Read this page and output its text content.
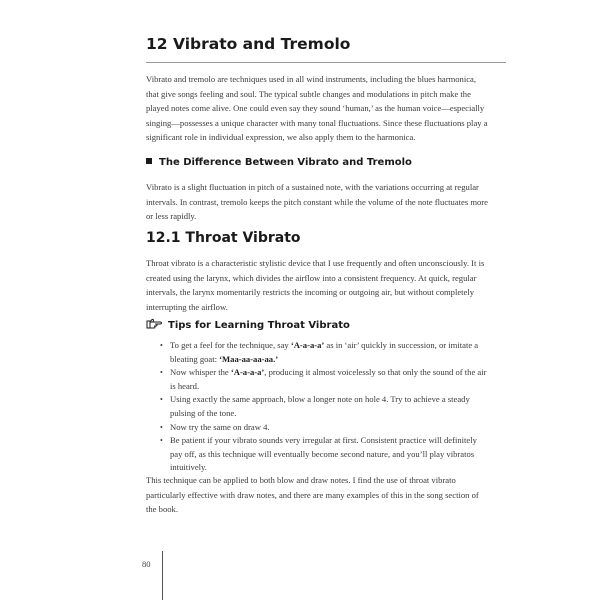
12 Vibrato and Tremolo

Vibrato and tremolo are techniques used in all wind instruments, including the blues harmonica, that give songs feeling and soul. The typical subtle changes and modulations in pitch make the played notes come alive. One could even say they sound ‘human,’ as the human voice—especially singing—possesses a unique character with many tonal fluctuations. Since these fluctuations play a significant role in individual expression, we also apply them to the harmonica.

The Difference Between Vibrato and Tremolo

Vibrato is a slight fluctuation in pitch of a sustained note, with the variations occurring at regular intervals. In contrast, tremolo keeps the pitch constant while the volume of the note fluctuates more or less rapidly.

12.1 Throat Vibrato

Throat vibrato is a characteristic stylistic device that I use frequently and often unconsciously. It is created using the larynx, which divides the airflow into a consistent frequency. At quick, regular intervals, the larynx momentarily restricts the incoming or outgoing air, but without completely interrupting the airflow.

Tips for Learning Throat Vibrato
• To get a feel for the technique, say ‘A-a-a-a’ as in ‘air’ quickly in succession, or imitate a bleating goat: ‘Maa-aa-aa-aa.’
• Now whisper the ‘A-a-a-a’, producing it almost voicelessly so that only the sound of the air is heard.
• Using exactly the same approach, blow a longer note on hole 4. Try to achieve a steady pulsing of the tone.
• Now try the same on draw 4.
• Be patient if your vibrato sounds very irregular at first. Consistent practice will definitely pay off, as this technique will eventually become second nature, and you’ll play vibratos intuitively.

This technique can be applied to both blow and draw notes. I find the use of throat vibrato particularly effective with draw notes, and there are many examples of this in the song section of the book.

80
